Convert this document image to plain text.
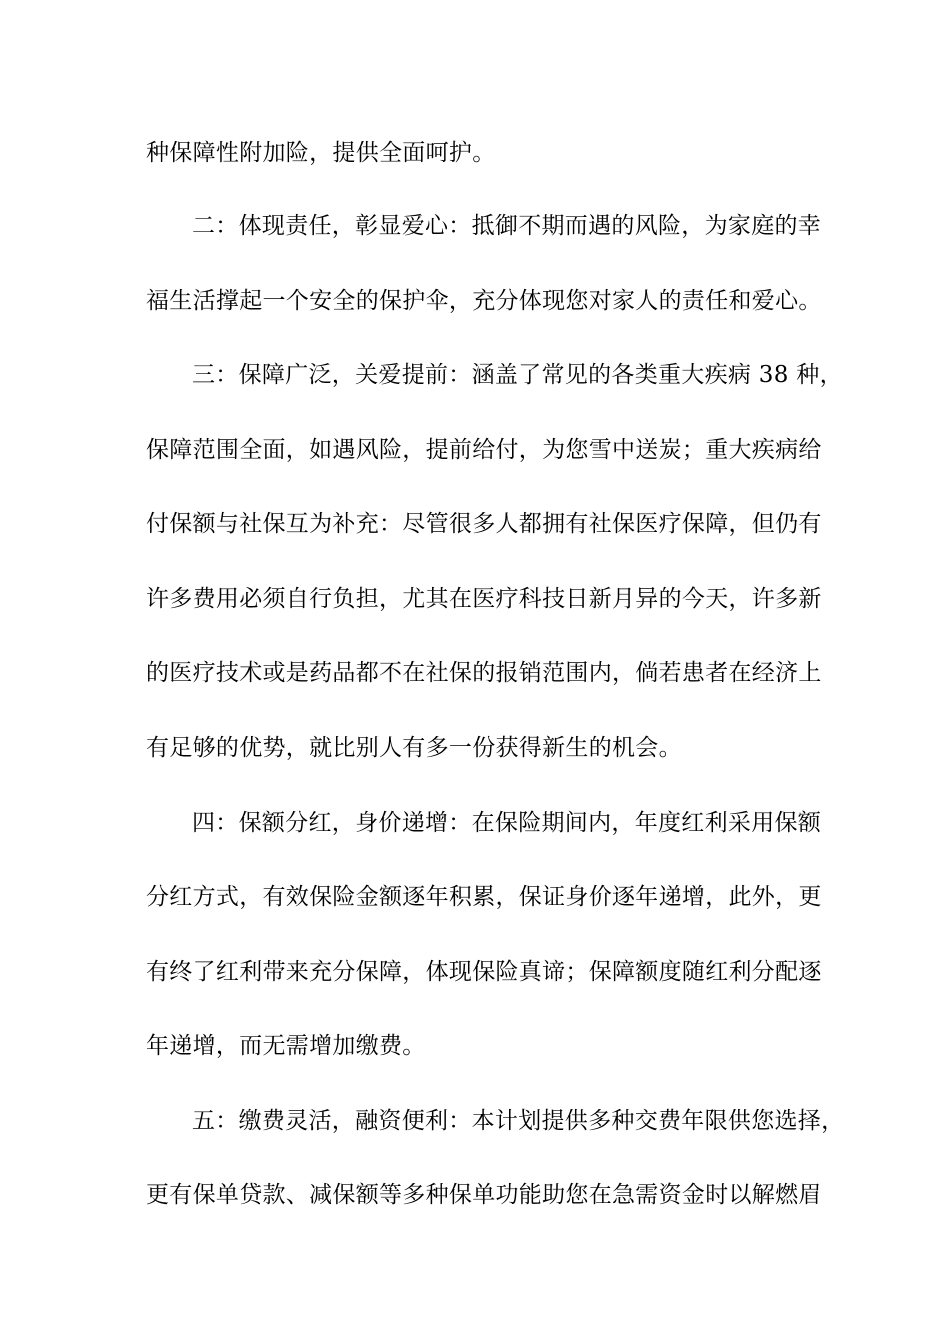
种保障性附加险，提供全面呵护。
二：体现责任，彰显爱心：抵御不期而遇的风险，为家庭的幸
福生活撑起一个安全的保护伞，充分体现您对家人的责任和爱心。
三：保障广泛，关爱提前：涵盖了常见的各类重大疾病 38 种，
保障范围全面，如遇风险，提前给付，为您雪中送炭；重大疾病给
付保额与社保互为补充：尽管很多人都拥有社保医疗保障，但仍有
许多费用必须自行负担，尤其在医疗科技日新月异的今天，许多新
的医疗技术或是药品都不在社保的报销范围内，倘若患者在经济上
有足够的优势，就比别人有多一份获得新生的机会。
四：保额分红，身价递增：在保险期间内，年度红利采用保额
分红方式，有效保险金额逐年积累，保证身价逐年递增，此外，更
有终了红利带来充分保障，体现保险真谛；保障额度随红利分配逐
年递增，而无需增加缴费。
五：缴费灵活，融资便利：本计划提供多种交费年限供您选择，
更有保单贷款、减保额等多种保单功能助您在急需资金时以解燃眉
